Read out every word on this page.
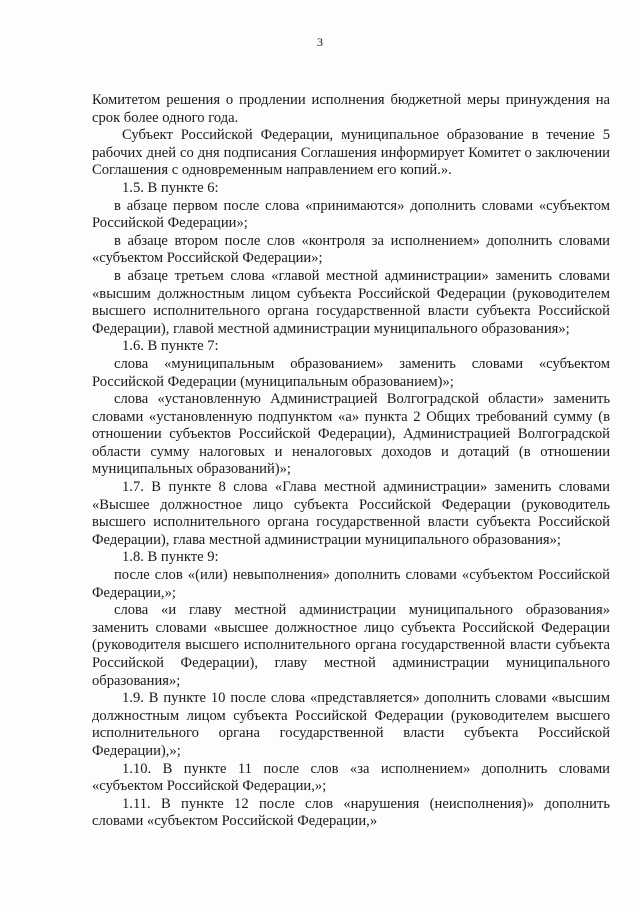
3

Комитетом решения о продлении исполнения бюджетной меры принуждения на срок более одного года.

Субъект Российской Федерации, муниципальное образование в течение 5 рабочих дней со дня подписания Соглашения информирует Комитет о заключении Соглашения с одновременным направлением его копий.».

1.5. В пункте 6:

в абзаце первом после слова «принимаются» дополнить словами «субъектом Российской Федерации»;

в абзаце втором после слов «контроля за исполнением» дополнить словами «субъектом Российской Федерации»;

в абзаце третьем слова «главой местной администрации» заменить словами «высшим должностным лицом субъекта Российской Федерации (руководителем высшего исполнительного органа государственной власти субъекта Российской Федерации), главой местной администрации муниципального образования»;

1.6. В пункте 7:

слова «муниципальным образованием» заменить словами «субъектом Российской Федерации (муниципальным образованием)»;

слова «установленную Администрацией Волгоградской области» заменить словами «установленную подпунктом «а» пункта 2 Общих требований сумму (в отношении субъектов Российской Федерации), Администрацией Волгоградской области сумму налоговых и неналоговых доходов и дотаций (в отношении муниципальных образований)»;

1.7. В пункте 8 слова «Глава местной администрации» заменить словами «Высшее должностное лицо субъекта Российской Федерации (руководитель высшего исполнительного органа государственной власти субъекта Российской Федерации), глава местной администрации муниципального образования»;

1.8. В пункте 9:

после слов «(или) невыполнения» дополнить словами «субъектом Российской Федерации,»;

слова «и главу местной администрации муниципального образования» заменить словами «высшее должностное лицо субъекта Российской Федерации (руководителя высшего исполнительного органа государственной власти субъекта Российской Федерации), главу местной администрации муниципального образования»;

1.9. В пункте 10 после слова «представляется» дополнить словами «высшим должностным лицом субъекта Российской Федерации (руководителем высшего исполнительного органа государственной власти субъекта Российской Федерации),»;

1.10. В пункте 11 после слов «за исполнением» дополнить словами «субъектом Российской Федерации,»;

1.11. В пункте 12 после слов «нарушения (неисполнения)» дополнить словами «субъектом Российской Федерации,»
